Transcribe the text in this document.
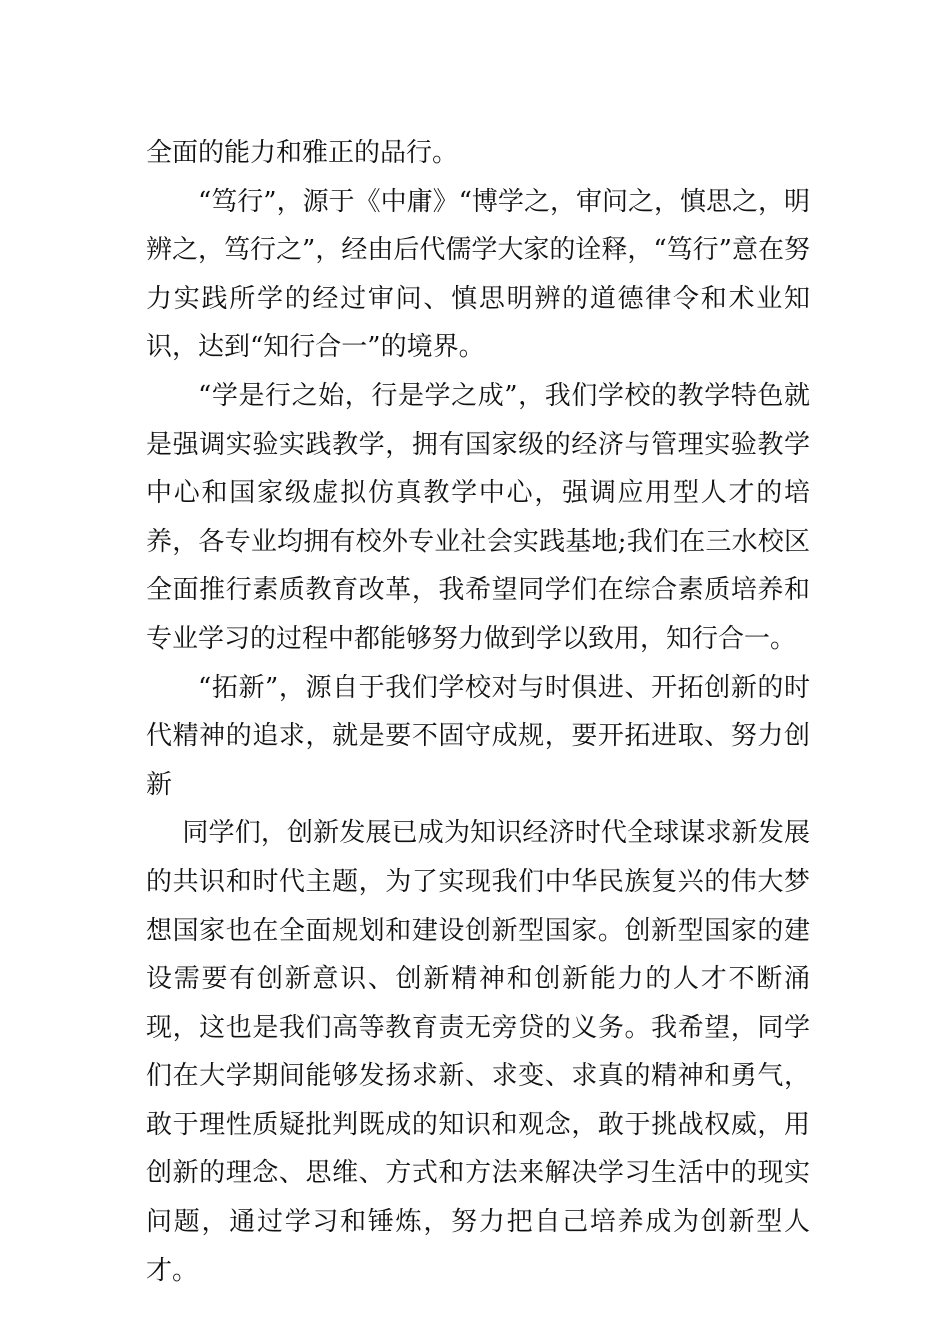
全面的能力和雅正的品行。

“笃行”，源于《中庸》“博学之，审问之，慎思之，明辨之，笃行之”，经由后代儒学大家的诠释，“笃行”意在努力实践所学的经过审问、慎思明辨的道德律令和术业知识，达到“知行合一”的境界。

“学是行之始，行是学之成”，我们学校的教学特色就是强调实验实践教学，拥有国家级的经济与管理实验教学中心和国家级虚拟仿真教学中心，强调应用型人才的培养，各专业均拥有校外专业社会实践基地;我们在三水校区全面推行素质教育改革，我希望同学们在综合素质培养和专业学习的过程中都能够努力做到学以致用，知行合一。

“拓新”，源自于我们学校对与时俱进、开拓创新的时代精神的追求，就是要不固守成规，要开拓进取、努力创新

同学们，创新发展已成为知识经济时代全球谋求新发展的共识和时代主题，为了实现我们中华民族复兴的伟大梦想国家也在全面规划和建设创新型国家。创新型国家的建设需要有创新意识、创新精神和创新能力的人才不断涌现，这也是我们高等教育责无旁贷的义务。我希望，同学们在大学期间能够发扬求新、求变、求真的精神和勇气，敢于理性质疑批判既成的知识和观念，敢于挑战权威，用创新的理念、思维、方式和方法来解决学习生活中的现实问题，通过学习和锤炼，努力把自己培养成为创新型人才。
